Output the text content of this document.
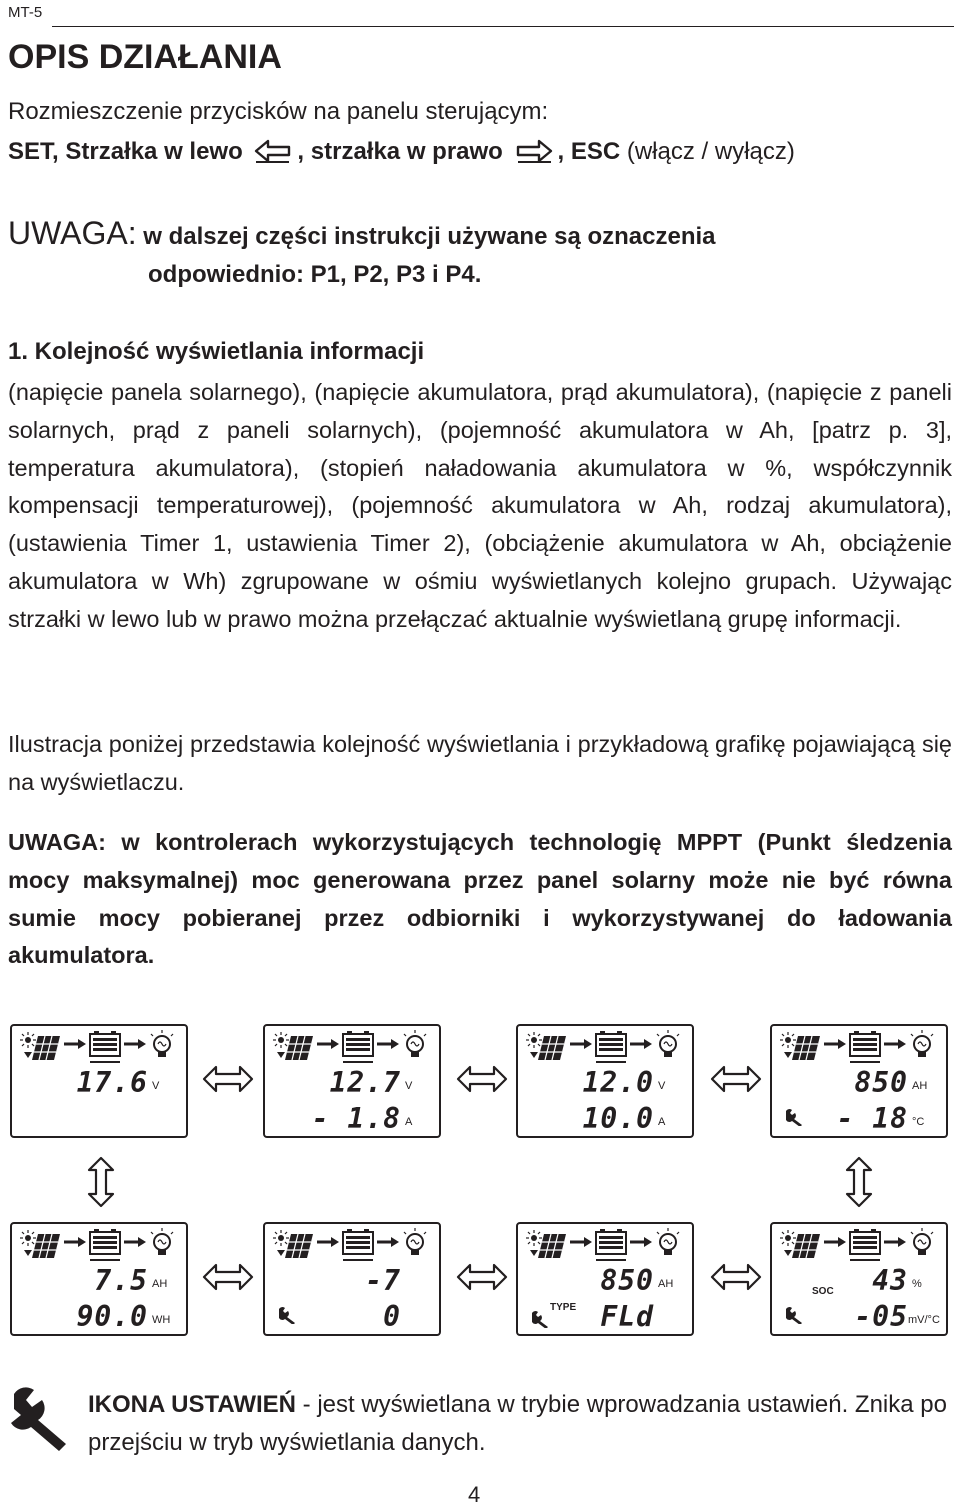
MT-5
OPIS DZIAŁANIA
Rozmieszczenie przycisków na panelu sterującym:
SET, Strzałka w lewo , strzałka w prawo , ESC (włącz / wyłącz)
UWAGA: w dalszej części instrukcji używane są oznaczenia
odpowiednio: P1, P2, P3 i P4.
1. Kolejność wyświetlania informacji

(napięcie panela solarnego), (napięcie akumulatora, prąd akumulatora), (napięcie z paneli solarnych, prąd z paneli solarnych), (pojemność akumulatora w Ah, [patrz p. 3], temperatura akumulatora), (stopień naładowania akumulatora w %, współczynnik kompensacji temperaturowej), (pojemność akumulatora w Ah, rodzaj akumulatora), (ustawienia Timer 1, ustawienia Timer 2), (obciążenie akumulatora w Ah, obciążenie akumulatora w Wh) zgrupowane w ośmiu wyświetlanych kolejno grupach. Używając strzałki w lewo lub w prawo można przełączać aktualnie wyświetlaną grupę informacji.

Ilustracja poniżej przedstawia kolejność wyświetlania i przykładową grafikę pojawiającą się na wyświetlaczu.

UWAGA: w kontrolerach wykorzystujących technologię MPPT (Punkt śledzenia mocy maksymalnej) moc generowana przez panel solarny może nie być równa sumie mocy pobieranej przez odbiorniki i wykorzystywanej do ładowania akumulatora.

17.6 V	12.7 V
- 1.8 A
12.0 V
10.0 A
850 AH
- 18 °C
7.5 AH
90.0 WH
-7
0
850 AH
TYPE FLd
SOC	43 %
-05 mV/°C
IKONA USTAWIEŃ - jest wyświetlana w trybie wprowadzania ustawień. Znika po przejściu w tryb wyświetlania danych.
4
